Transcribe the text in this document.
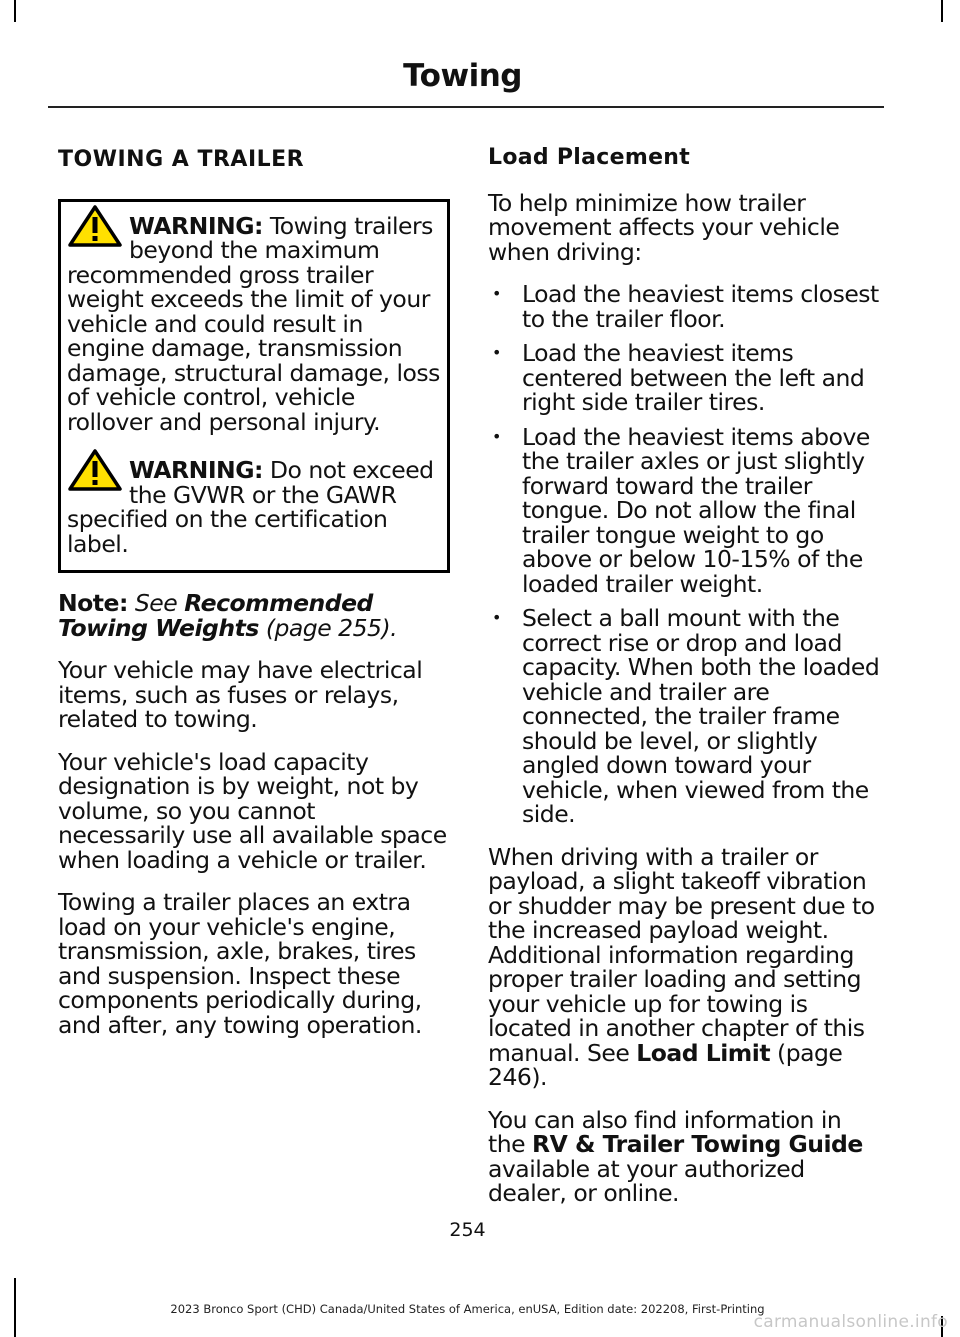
Towing
TOWING A TRAILER
WARNING: Towing trailers beyond the maximum recommended gross trailer weight exceeds the limit of your vehicle and could result in engine damage, transmission damage, structural damage, loss of vehicle control, vehicle rollover and personal injury.
WARNING: Do not exceed the GVWR or the GAWR specified on the certification label.

Note: See Recommended Towing Weights (page 255).

Your vehicle may have electrical items, such as fuses or relays, related to towing.

Your vehicle's load capacity designation is by weight, not by volume, so you cannot necessarily use all available space when loading a vehicle or trailer.

Towing a trailer places an extra load on your vehicle's engine, transmission, axle, brakes, tires and suspension. Inspect these components periodically during, and after, any towing operation.

Load Placement

To help minimize how trailer movement affects your vehicle when driving:

• Load the heaviest items closest to the trailer floor.
• Load the heaviest items centered between the left and right side trailer tires.
• Load the heaviest items above the trailer axles or just slightly forward toward the trailer tongue. Do not allow the final trailer tongue weight to go above or below 10-15% of the loaded trailer weight.
• Select a ball mount with the correct rise or drop and load capacity. When both the loaded vehicle and trailer are connected, the trailer frame should be level, or slightly angled down toward your vehicle, when viewed from the side.

When driving with a trailer or payload, a slight takeoff vibration or shudder may be present due to the increased payload weight. Additional information regarding proper trailer loading and setting your vehicle up for towing is located in another chapter of this manual. See Load Limit (page 246).

You can also find information in the RV & Trailer Towing Guide available at your authorized dealer, or online.

254
2023 Bronco Sport (CHD) Canada/United States of America, enUSA, Edition date: 202208, First-Printing
carmanualsonline.info
